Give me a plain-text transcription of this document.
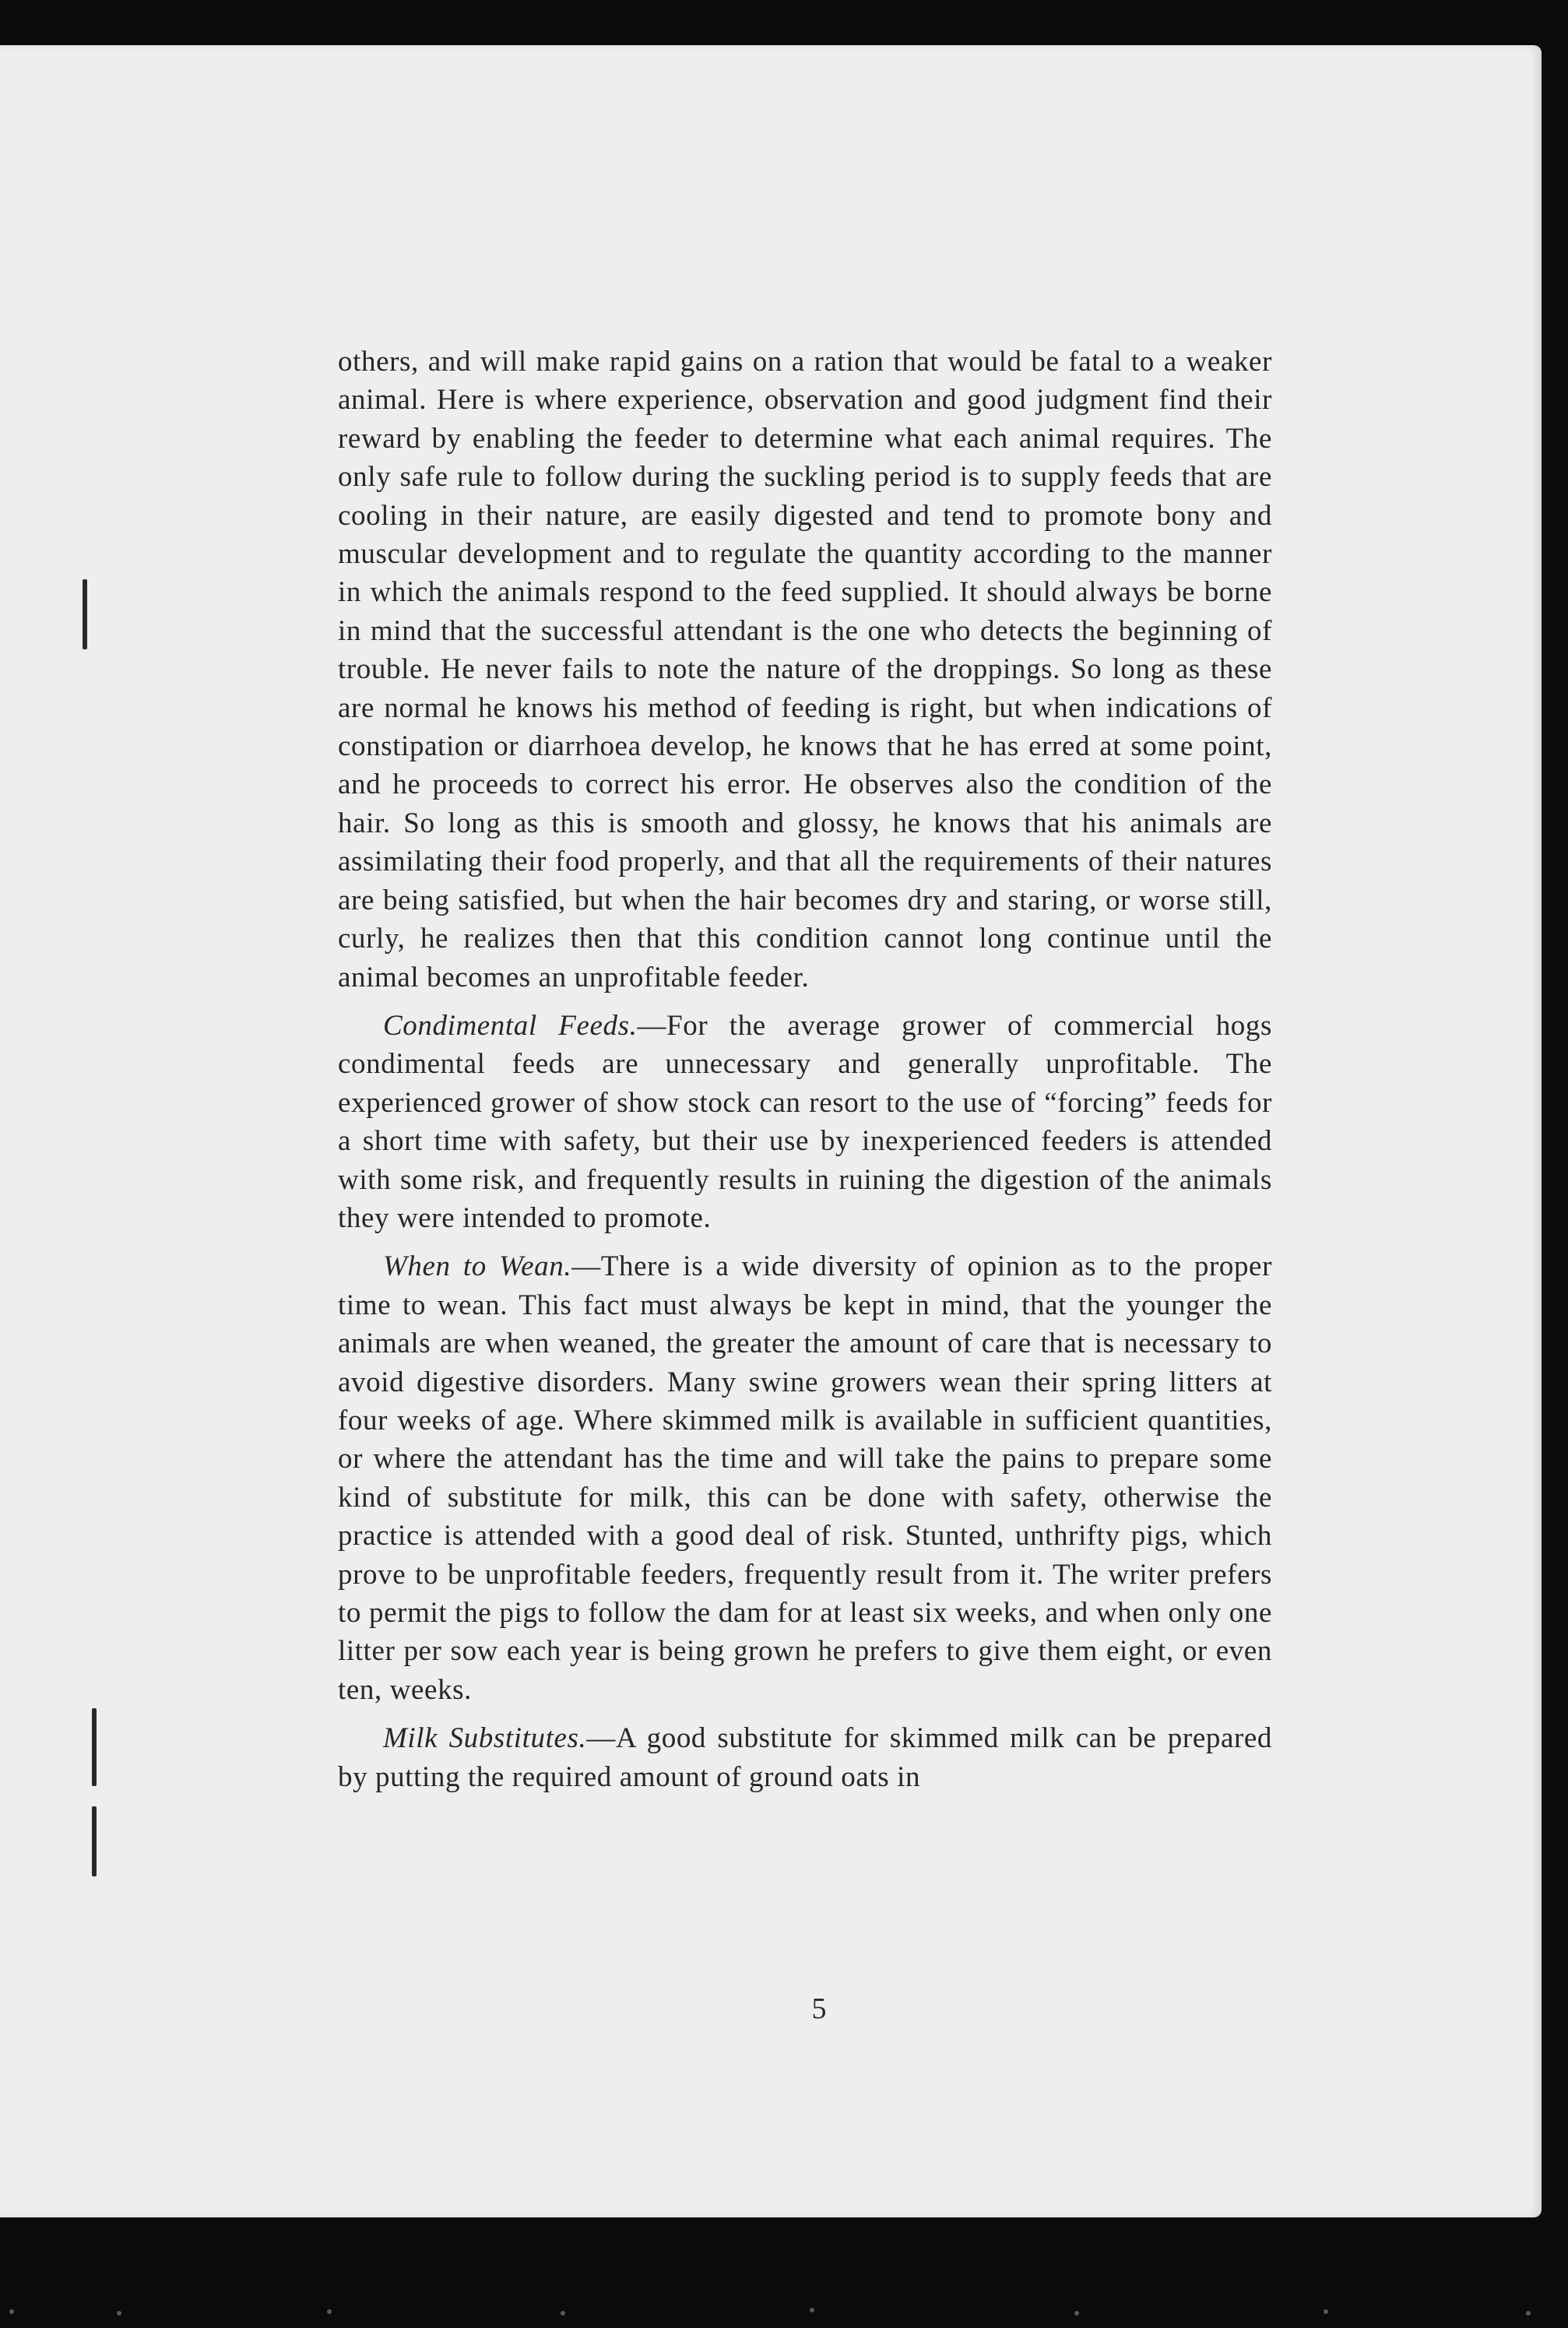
others, and will make rapid gains on a ration that would be fatal to a weaker animal. Here is where experience, observation and good judgment find their reward by enabling the feeder to determine what each animal requires. The only safe rule to follow during the suckling period is to supply feeds that are cooling in their nature, are easily digested and tend to promote bony and muscular development and to regulate the quantity according to the manner in which the animals respond to the feed supplied. It should always be borne in mind that the successful attendant is the one who detects the beginning of trouble. He never fails to note the nature of the droppings. So long as these are normal he knows his method of feeding is right, but when indications of constipation or diarrhoea develop, he knows that he has erred at some point, and he proceeds to correct his error. He observes also the condition of the hair. So long as this is smooth and glossy, he knows that his animals are assimilating their food properly, and that all the requirements of their natures are being satisfied, but when the hair becomes dry and staring, or worse still, curly, he realizes then that this condition cannot long continue until the animal becomes an unprofitable feeder.

Condimental Feeds.—For the average grower of commercial hogs condimental feeds are unnecessary and generally unprofitable. The experienced grower of show stock can resort to the use of “forcing” feeds for a short time with safety, but their use by inexperienced feeders is attended with some risk, and frequently results in ruining the digestion of the animals they were intended to promote.

When to Wean.—There is a wide diversity of opinion as to the proper time to wean. This fact must always be kept in mind, that the younger the animals are when weaned, the greater the amount of care that is necessary to avoid digestive disorders. Many swine growers wean their spring litters at four weeks of age. Where skimmed milk is available in sufficient quantities, or where the attendant has the time and will take the pains to prepare some kind of substitute for milk, this can be done with safety, otherwise the practice is attended with a good deal of risk. Stunted, unthrifty pigs, which prove to be unprofitable feeders, frequently result from it. The writer prefers to permit the pigs to follow the dam for at least six weeks, and when only one litter per sow each year is being grown he prefers to give them eight, or even ten, weeks.

Milk Substitutes.—A good substitute for skimmed milk can be prepared by putting the required amount of ground oats in

5
